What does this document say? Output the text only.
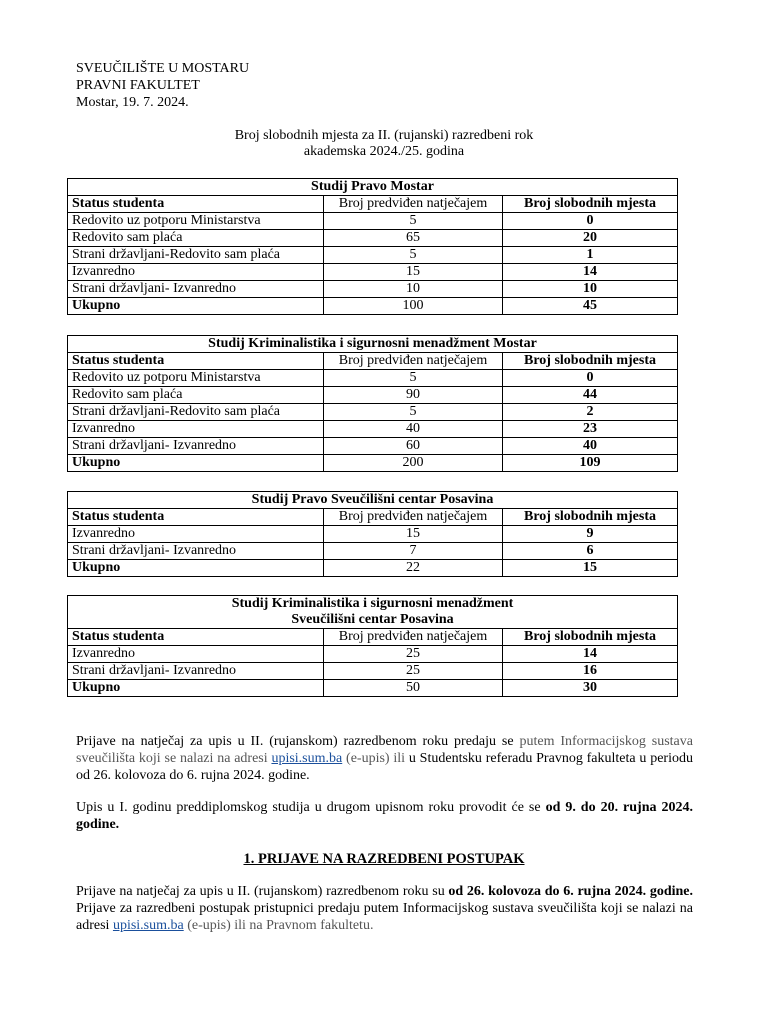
SVEUČILIŠTE U MOSTARU
PRAVNI FAKULTET
Mostar, 19. 7. 2024.
Broj slobodnih mjesta za II. (rujanski) razredbeni rok
akademska 2024./25. godina
Studij Pravo Mostar		
Status studenta	Broj predviđen natječajem	Broj slobodnih mjesta
Redovito uz potporu Ministarstva	5	0
Redovito sam plaća	65	20
Strani državljani-Redovito sam plaća	5	1
Izvanredno	15	14
Strani državljani- Izvanredno	10	10
Ukupno	100	45
Studij Kriminalistika i sigurnosni menadžment Mostar		
Status studenta	Broj predviđen natječajem	Broj slobodnih mjesta
Redovito uz potporu Ministarstva	5	0
Redovito sam plaća	90	44
Strani državljani-Redovito sam plaća	5	2
Izvanredno	40	23
Strani državljani- Izvanredno	60	40
Ukupno	200	109
Studij Pravo Sveučilišni centar Posavina		
Status studenta	Broj predviđen natječajem	Broj slobodnih mjesta
Izvanredno	15	9
Strani državljani- Izvanredno	7	6
Ukupno	22	15
Studij Kriminalistika i sigurnosni menadžment
Sveučilišni centar Posavina		

Status studenta	Broj predviđen natječajem	Broj slobodnih mjesta
Izvanredno	25	14
Strani državljani- Izvanredno	25	16
Ukupno	50	30
Prijave na natječaj za upis u II. (rujanskom) razredbenom roku predaju se putem Informacijskog sustava sveučilišta koji se nalazi na adresi upisi.sum.ba (e-upis) ili u Studentsku referadu Pravnog fakulteta u periodu od 26. kolovoza do 6. rujna 2024. godine.
Upis u I. godinu preddiplomskog studija u drugom upisnom roku provodit će se od 9. do 20. rujna 2024. godine.
1. PRIJAVE NA RAZREDBENI POSTUPAK
Prijave na natječaj za upis u II. (rujanskom) razredbenom roku su od 26. kolovoza do 6. rujna 2024. godine. Prijave za razredbeni postupak pristupnici predaju putem Informacijskog sustava sveučilišta koji se nalazi na adresi upisi.sum.ba (e-upis) ili na Pravnom fakultetu.
